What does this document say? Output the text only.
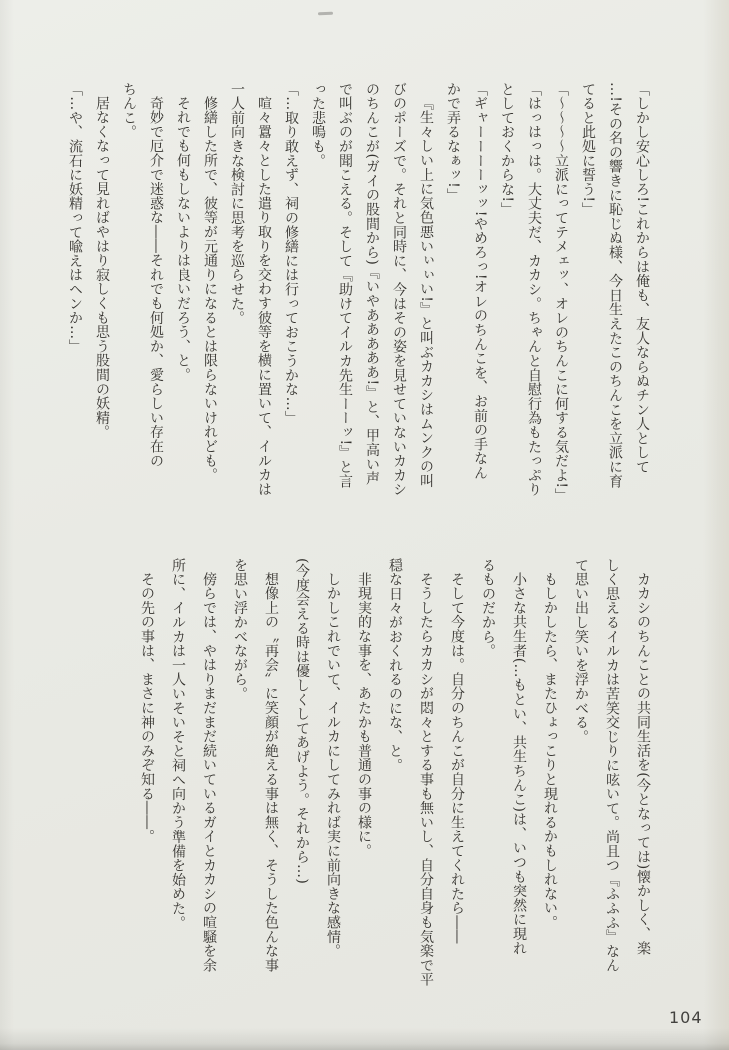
「しかし安心しろ!これからは俺も、友人ならぬチン人として

…!その名の響きに恥じぬ様、今日生えたこのちんこを立派に育

てると此処に誓う!」

「〜〜〜〜立派にってテメェッ、オレのちんこに何する気だよ!」

「はっはっは。大丈夫だ、カカシ。ちゃんと自慰行為もたっぷり

としておくからな!」

「ギャーーーーッッ!やめろっ!オレのちんこを、お前の手なん

かで弄るなぁッ!」

『生々しい上に気色悪いぃぃい!』と叫ぶカカシはムンクの叫

びのポーズで。それと同時に、今はその姿を見せていないカカシ

のちんこが(ガイの股間から)『いやあああああ!』と、甲高い声

で叫ぶのが聞こえる。そして『助けてイルカ先生ーーッ!』と言

った悲鳴も。

「…取り敢えず、祠の修繕には行っておこうかな…」

喧々囂々とした遣り取りを交わす彼等を横に置いて、イルカは

一人前向きな検討に思考を巡らせた。

修繕した所で、彼等が元通りになるとは限らないけれども。

それでも何もしないよりは良いだろう、と。

奇妙で厄介で迷惑な――それでも何処か、愛らしい存在の

ちんこ。

居なくなって見ればやはり寂しくも思う股間の妖精。

「…や、流石に妖精って喩えはヘンか…」

カカシのちんことの共同生活を(今となっては)懐かしく、楽

しく思えるイルカは苦笑交じりに呟いて。尚且つ『ふふふ』なん

て思い出し笑いを浮かべる。

もしかしたら、またひょっこりと現れるかもしれない。

小さな共生者(…もとい、共生ちんこ)は、いつも突然に現れ

るものだから。

そして今度は。自分のちんこが自分に生えてくれたら――

そうしたらカカシが悶々とする事も無いし、自分自身も気楽で平

穏な日々がおくれるのにな、と。

非現実的な事を、あたかも普通の事の様に。

しかしこれでいて、イルカにしてみれば実に前向きな感情。

(今度会える時は優しくしてあげよう。それから…)

想像上の〝再会〟に笑顔が絶える事は無く、そうした色んな事

を思い浮かべながら。

傍らでは、やはりまだまだ続いているガイとカカシの喧騒を余

所に、イルカは一人いそいそと祠へ向かう準備を始めた。

その先の事は、まさに神のみぞ知る――。

104
